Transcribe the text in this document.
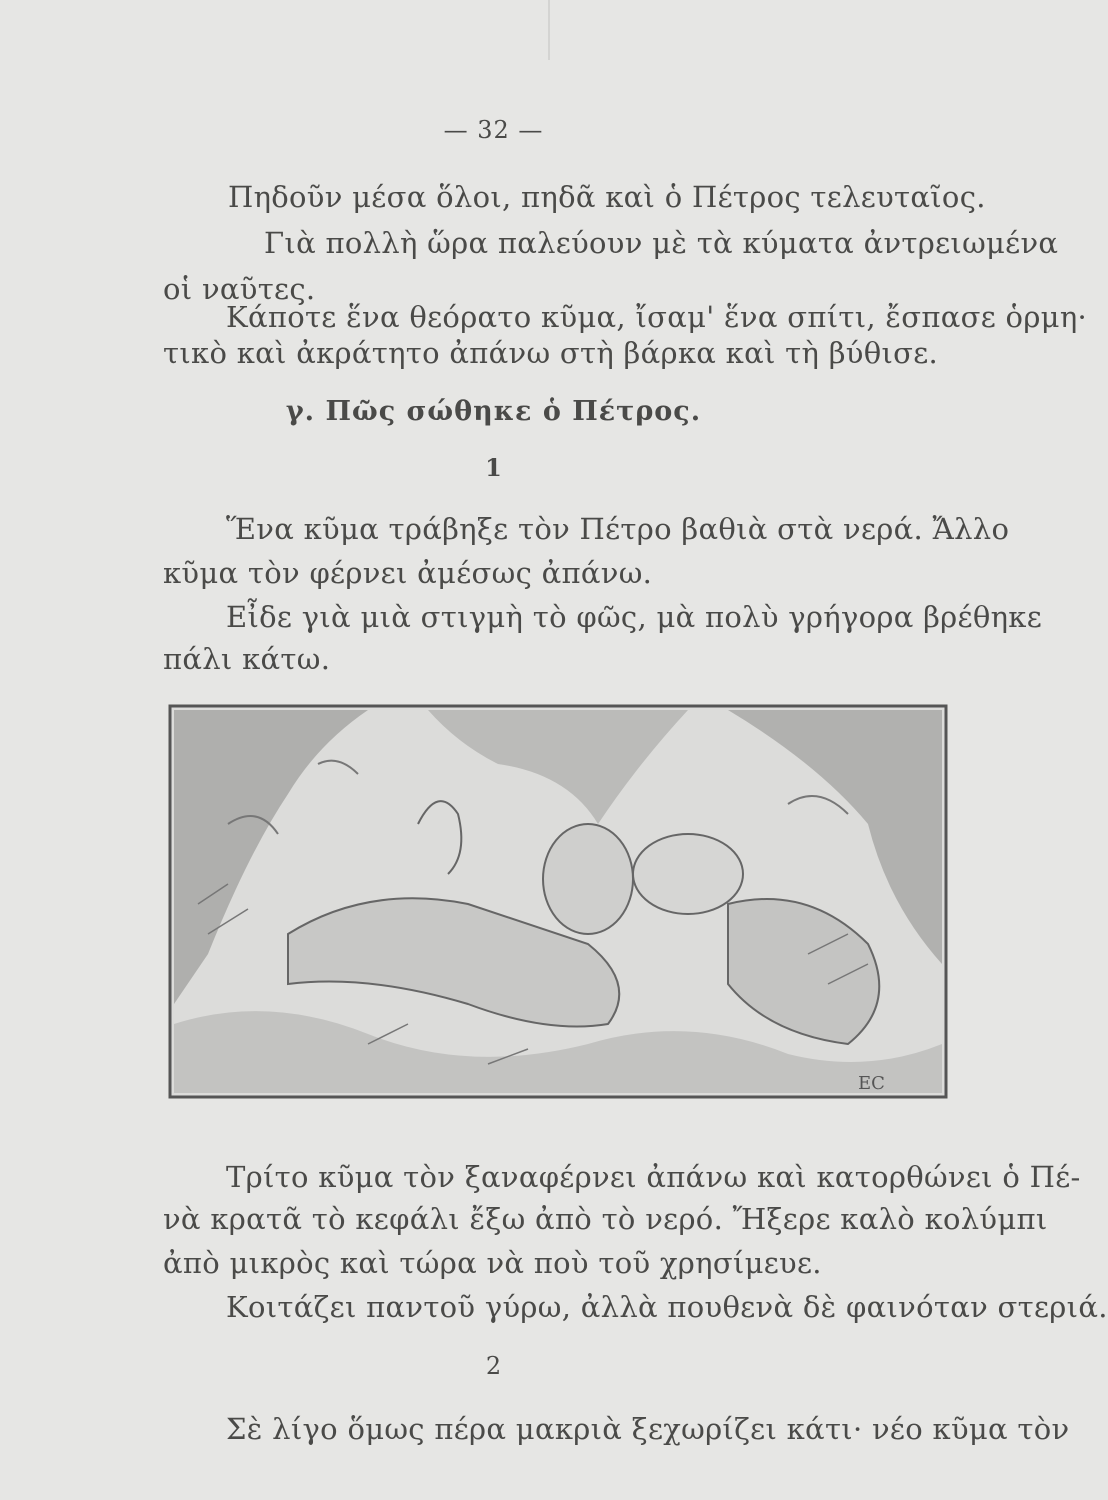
— 32 —
Πηδοῦν μέσα ὅλοι, πηδᾶ καὶ ὁ Πέτρος τελευταῖος.
Γιὰ πολλὴ ὥρα παλεύουν μὲ τὰ κύματα ἀντρειωμένα
οἱ ναῦτες.
Κάποτε ἕνα θεόρατο κῦμα, ἴσαμ' ἕνα σπίτι, ἔσπασε ὁρμη·
τικὸ καὶ ἀκράτητο ἀπάνω στὴ βάρκα καὶ τὴ βύθισε.
γ. Πῶς σώθηκε ὁ Πέτρος.
1
Ἕνα κῦμα τράβηξε τὸν Πέτρο βαθιὰ στὰ νερά. Ἄλλο
κῦμα τὸν φέρνει ἀμέσως ἀπάνω.
Εἶδε γιὰ μιὰ στιγμὴ τὸ φῶς, μὰ πολὺ γρήγορα βρέθηκε
πάλι κάτω.
EC
Τρίτο κῦμα τὸν ξαναφέρνει ἀπάνω καὶ κατορθώνει ὁ Πέ-
νὰ κρατᾶ τὸ κεφάλι ἔξω ἀπὸ τὸ νερό. Ἤξερε καλὸ κολύμπι
ἀπὸ μικρὸς καὶ τώρα νὰ ποὺ τοῦ χρησίμευε.
Κοιτάζει παντοῦ γύρω, ἀλλὰ πουθενὰ δὲ φαινόταν στεριά.
2
Σὲ λίγο ὅμως πέρα μακριὰ ξεχωρίζει κάτι· νέο κῦμα τὸν
